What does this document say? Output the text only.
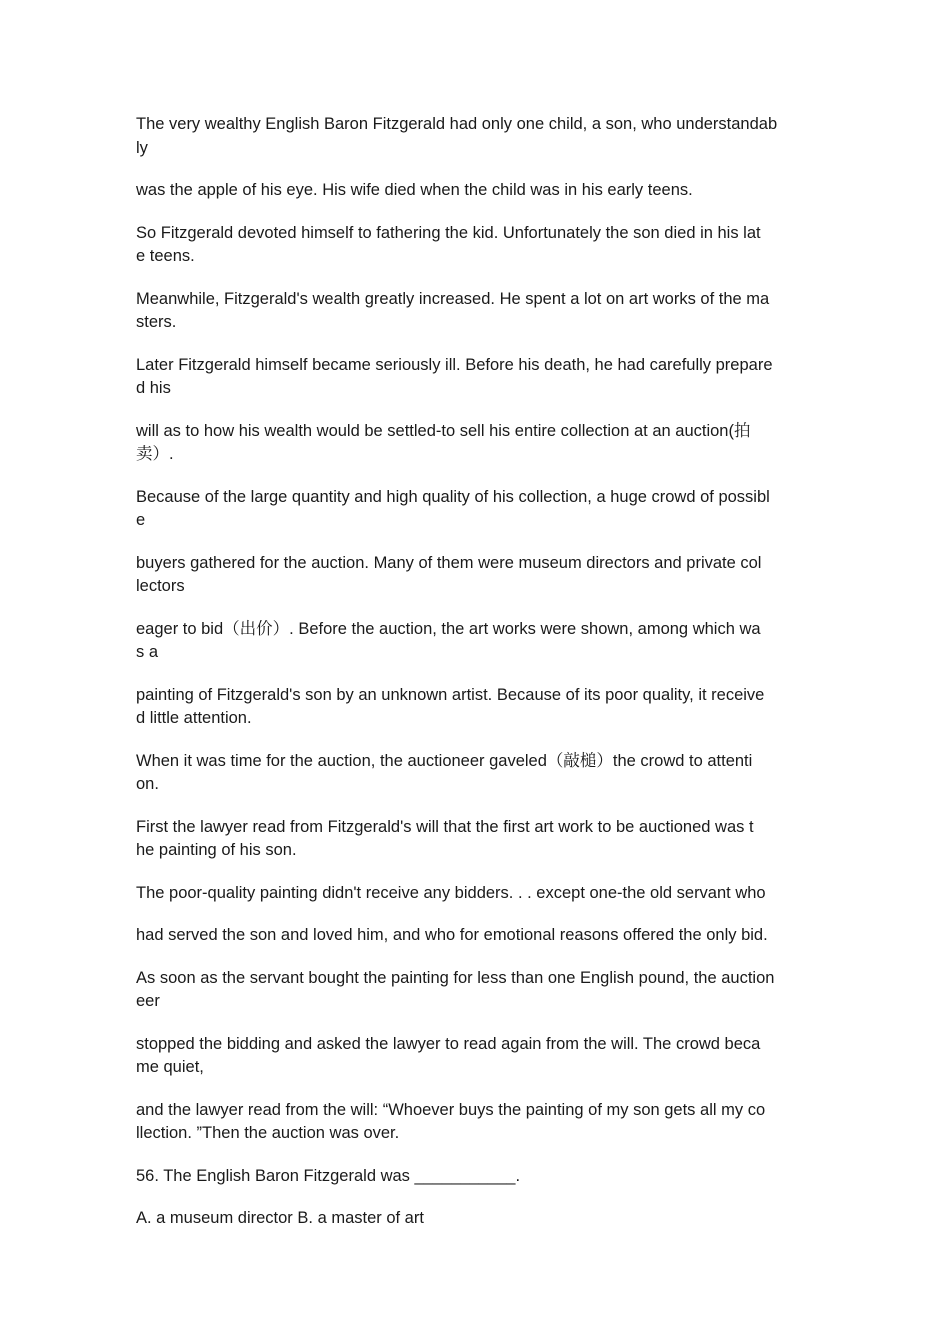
The very wealthy English Baron Fitzgerald had only one child, a son, who understandab
ly
was the apple of his eye. His wife died when the child was in his early teens.
So Fitzgerald devoted himself to fathering the kid. Unfortunately the son died in his lat
e teens.
Meanwhile, Fitzgerald's wealth greatly increased. He spent a lot on art works of the ma
sters.
Later Fitzgerald himself became seriously ill. Before his death, he had carefully prepare
d his
will as to how his wealth would be settled-to sell his entire collection at an auction(拍
卖）.
Because of the large quantity and high quality of his collection, a huge crowd of possibl
e
buyers gathered for the auction. Many of them were museum directors and private col
lectors
eager to bid（出价）. Before the auction, the art works were shown, among which wa
s a
painting of Fitzgerald's son by an unknown artist. Because of its poor quality, it receive
d little attention.
When it was time for the auction, the auctioneer gaveled（敲槌）the crowd to attenti
on.
First the lawyer read from Fitzgerald's will that the first art work to be auctioned was t
he painting of his son.
The poor-quality painting didn't receive any bidders. . . except one-the old servant who
had served the son and loved him, and who for emotional reasons offered the only bid.
As soon as the servant bought the painting for less than one English pound, the auction
eer
stopped the bidding and asked the lawyer to read again from the will. The crowd beca
me quiet,
and the lawyer read from the will: “Whoever buys the painting of my son gets all my co
llection. ”Then the auction was over.
56. The English Baron Fitzgerald was ___________.
A. a museum director B. a master of art
